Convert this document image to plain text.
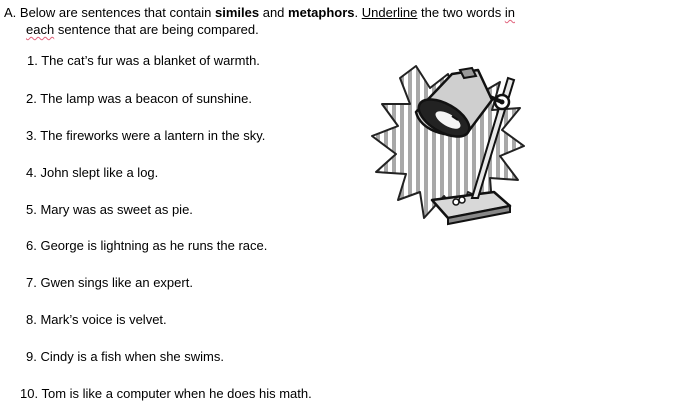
A. Below are sentences that contain similes and metaphors. Underline the two words in
each sentence that are being compared.

1. The cat’s fur was a blanket of warmth.
2. The lamp was a beacon of sunshine.
3. The fireworks were a lantern in the sky.
4. John slept like a log.
5. Mary was as sweet as pie.
6. George is lightning as he runs the race.
7. Gwen sings like an expert.
8. Mark’s voice is velvet.
9. Cindy is a fish when she swims.
10. Tom is like a computer when he does his math.
